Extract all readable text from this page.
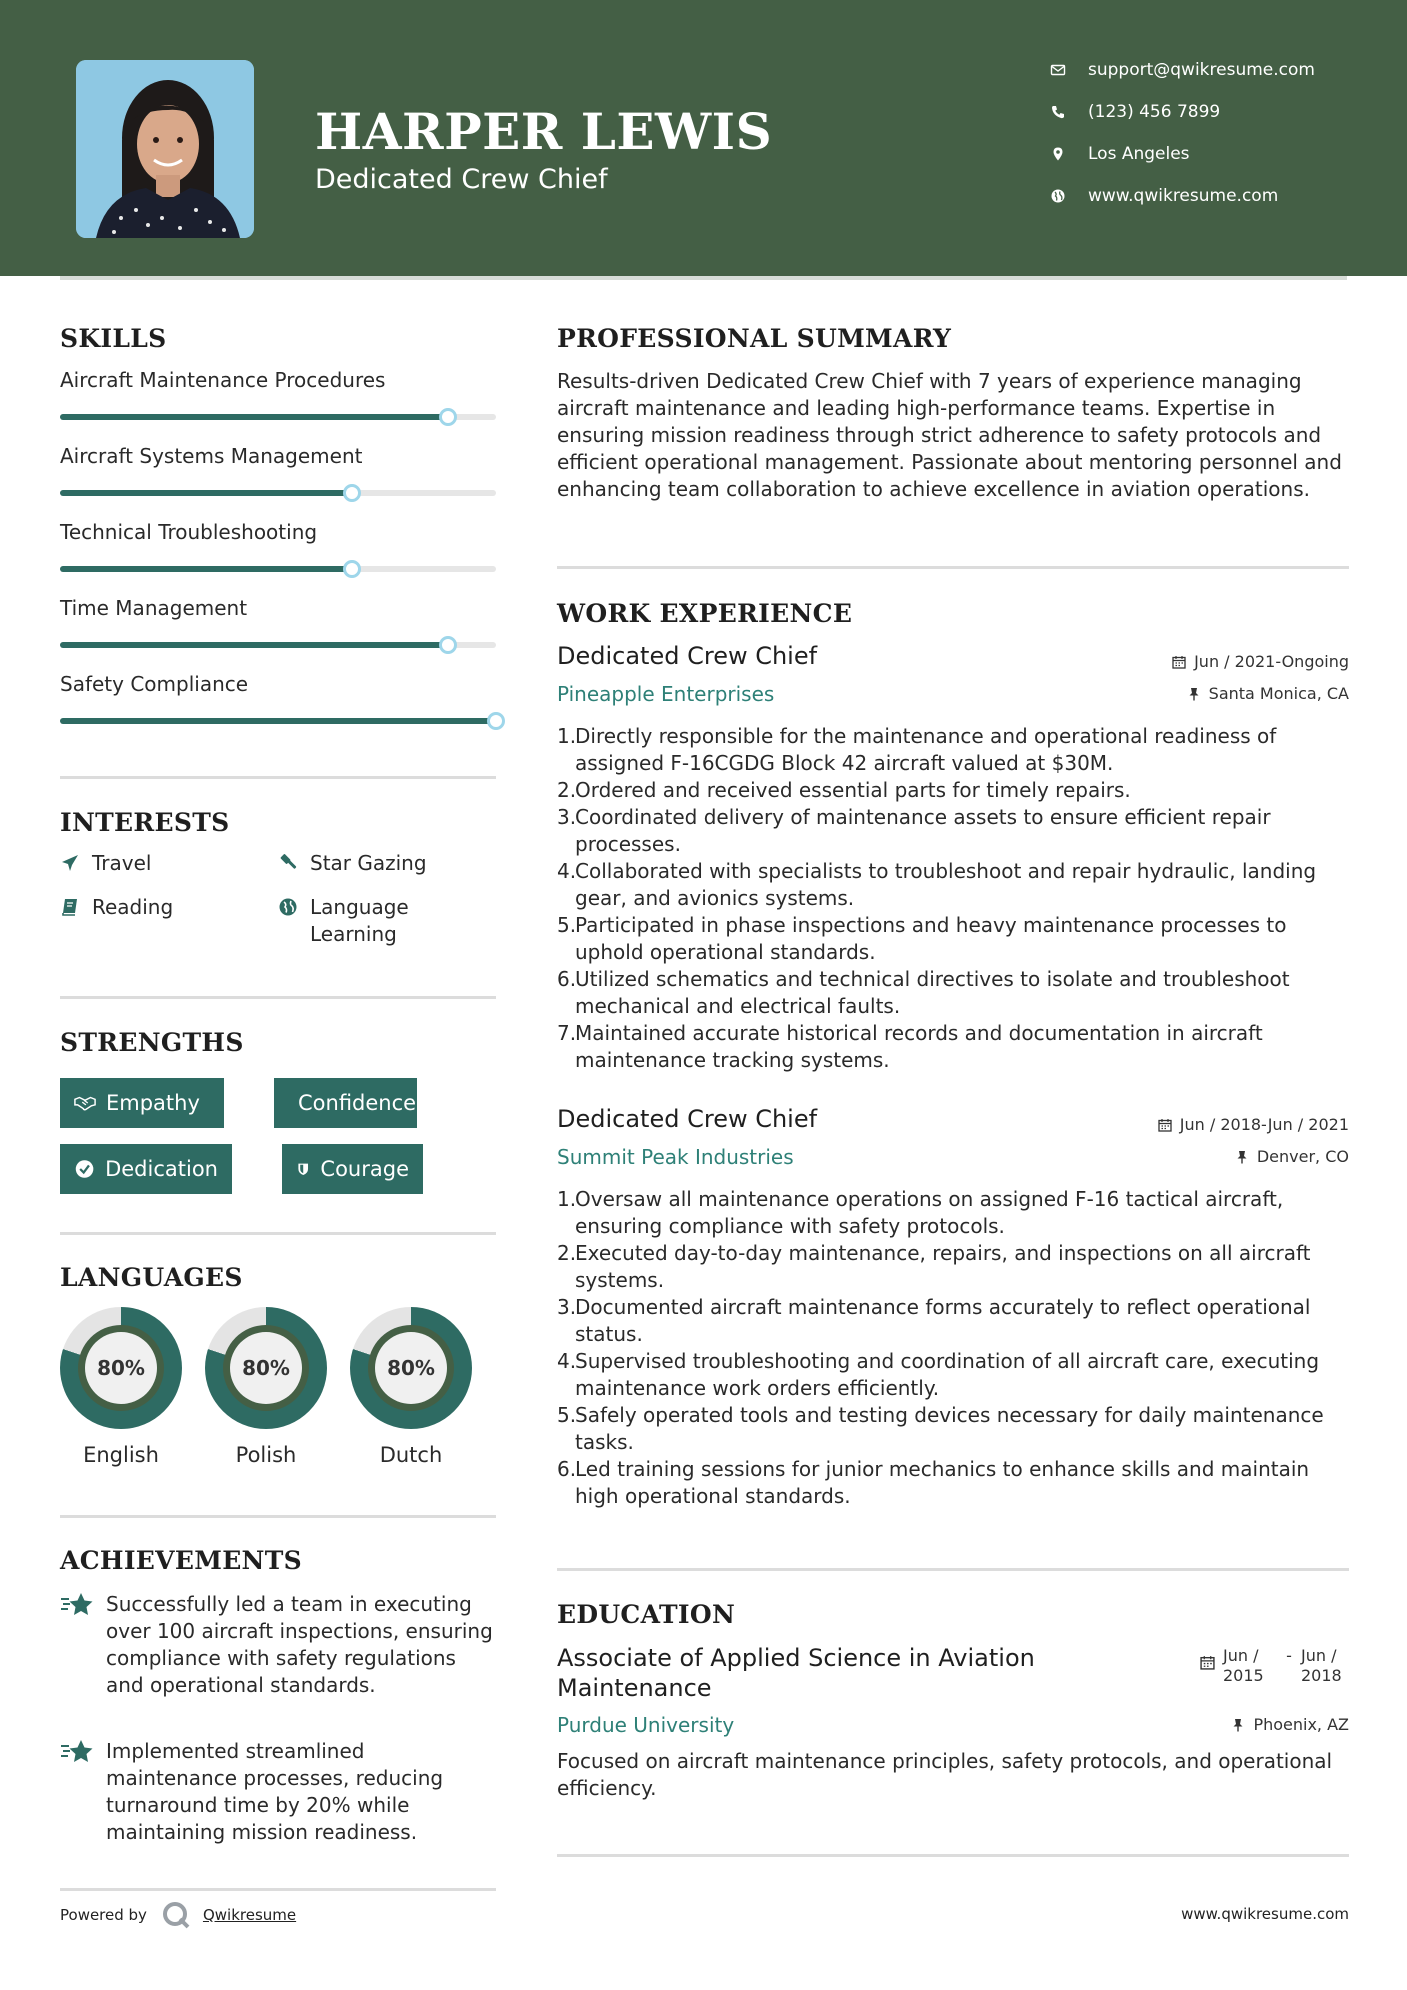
HARPER LEWIS
Dedicated Crew Chief
support@qwikresume.com
(123) 456 7899
Los Angeles
www.qwikresume.com
SKILLS
Aircraft Maintenance Procedures
Aircraft Systems Management
Technical Troubleshooting
Time Management
Safety Compliance
INTERESTS
Travel	Star Gazing
Reading	Language Learning
STRENGTHS
Empathy	Confidence
Dedication	Courage
LANGUAGES
80%
English
80%
Polish
80%
Dutch
ACHIEVEMENTS
Successfully led a team in executing over 100 aircraft inspections, ensuring compliance with safety regulations and operational standards.
Implemented streamlined maintenance processes, reducing turnaround time by 20% while maintaining mission readiness.
PROFESSIONAL SUMMARY
Results-driven Dedicated Crew Chief with 7 years of experience managing aircraft maintenance and leading high-performance teams. Expertise in ensuring mission readiness through strict adherence to safety protocols and efficient operational management. Passionate about mentoring personnel and enhancing team collaboration to achieve excellence in aviation operations.
WORK EXPERIENCE
Dedicated Crew Chief	Jun / 2021-Ongoing
Pineapple Enterprises	Santa Monica, CA
1.
Directly responsible for the maintenance and operational readiness of assigned F-16CGDG Block 42 aircraft valued at $30M.
2.
Ordered and received essential parts for timely repairs.
3.
Coordinated delivery of maintenance assets to ensure efficient repair processes.
4.
Collaborated with specialists to troubleshoot and repair hydraulic, landing gear, and avionics systems.
5.
Participated in phase inspections and heavy maintenance processes to uphold operational standards.
6.
Utilized schematics and technical directives to isolate and troubleshoot mechanical and electrical faults.
7.
Maintained accurate historical records and documentation in aircraft maintenance tracking systems.
Dedicated Crew Chief	Jun / 2018-Jun / 2021
Summit Peak Industries	Denver, CO
1.
Oversaw all maintenance operations on assigned F-16 tactical aircraft, ensuring compliance with safety protocols.
2.
Executed day-to-day maintenance, repairs, and inspections on all aircraft systems.
3.
Documented aircraft maintenance forms accurately to reflect operational status.
4.
Supervised troubleshooting and coordination of all aircraft care, executing maintenance work orders efficiently.
5.
Safely operated tools and testing devices necessary for daily maintenance tasks.
6.
Led training sessions for junior mechanics to enhance skills and maintain high operational standards.
EDUCATION
Associate of Applied Science in Aviation Maintenance
Jun / 2015
- Jun / 2018
Purdue University	Phoenix, AZ
Focused on aircraft maintenance principles, safety protocols, and operational efficiency.
Powered by	Qwikresume	www.qwikresume.com
